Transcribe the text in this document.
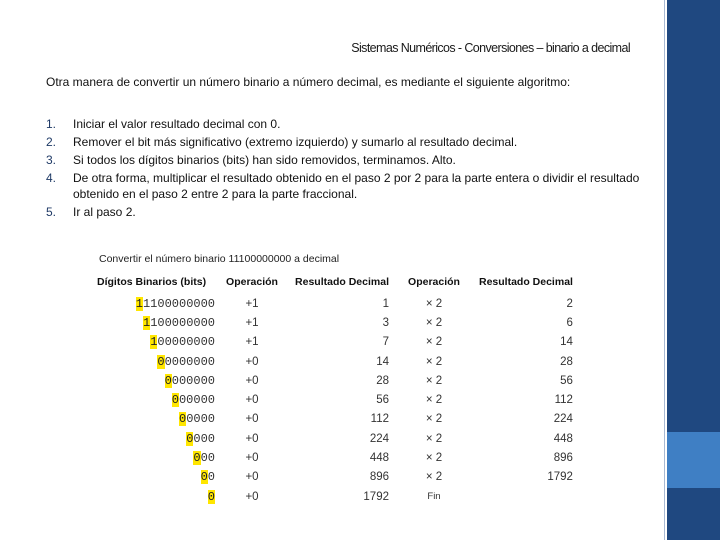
Sistemas Numéricos - Conversiones – binario a decimal
Otra manera de convertir un número binario a número decimal, es mediante el siguiente algoritmo:
1. Iniciar el valor resultado decimal con 0.
2. Remover el bit más significativo (extremo izquierdo) y sumarlo al resultado decimal.
3. Si todos los dígitos binarios (bits) han sido removidos, terminamos. Alto.
4. De otra forma, multiplicar el resultado obtenido en el paso 2 por 2 para la parte entera o dividir el resultado obtenido en el paso 2 entre 2 para la parte fraccional.
5. Ir al paso 2.
Convertir el número binario 11100000000 a decimal
Dígitos Binarios (bits)	Operación	Resultado Decimal	Operación	Resultado Decimal
11100000000	+1	1	× 2	2
1100000000	+1	3	× 2	6
100000000	+1	7	× 2	14
00000000	+0	14	× 2	28
0000000	+0	28	× 2	56
000000	+0	56	× 2	112
00000	+0	112	× 2	224
0000	+0	224	× 2	448
000	+0	448	× 2	896
00	+0	896	× 2	1792
0	+0	1792	Fin	
